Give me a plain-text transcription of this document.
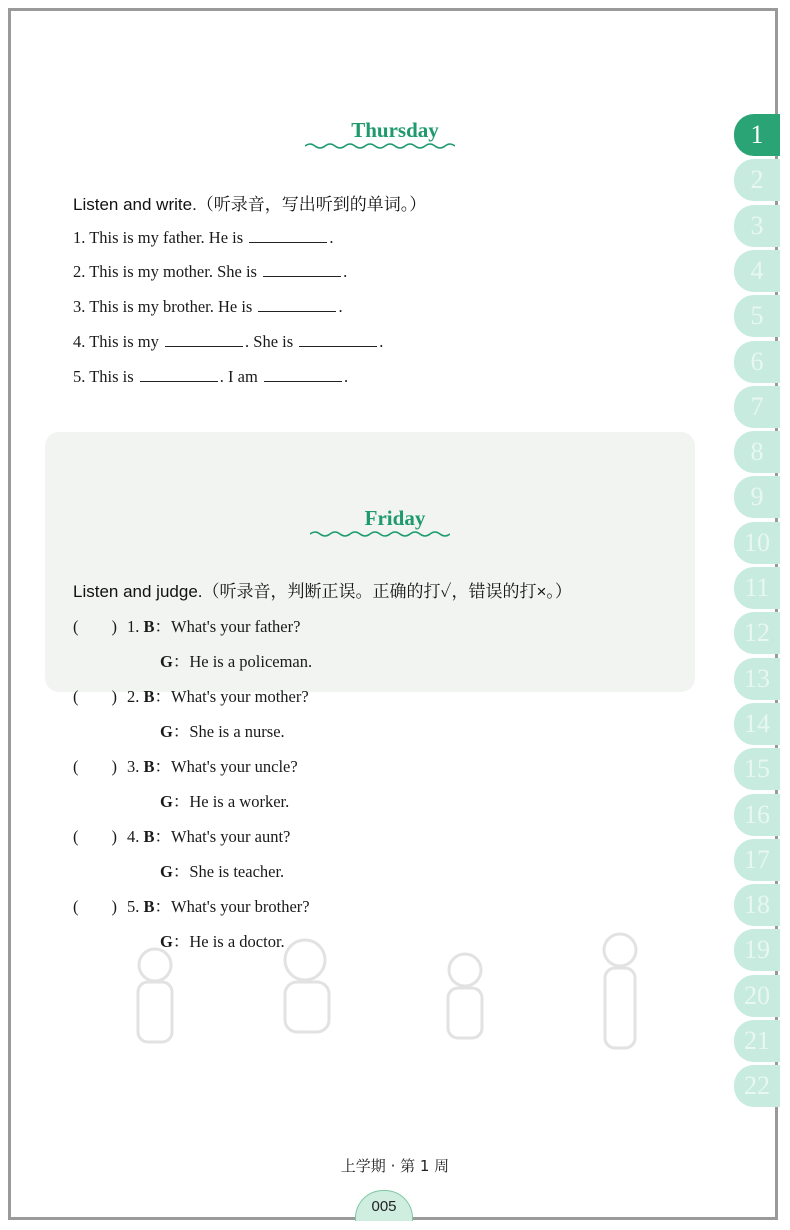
Thursday
Listen and write.（听录音，写出听到的单词。）
1. This is my father. He is	.
2. This is my mother. She is	.
3. This is my brother. He is	.
4. This is my	. She is	.
5. This is	. I am	.
Friday
Listen and judge.（听录音，判断正误。正确的打✓，错误的打×。）
(　　) 1. B：What's your father?
G：He is a policeman.
(　　) 2. B：What's your mother?
G：She is a nurse.
(　　) 3. B：What's your uncle?
G：He is a worker.
(　　) 4. B：What's your aunt?
G：She is teacher.
(　　) 5. B：What's your brother?
G：He is a doctor.
1
2
3
4
5
6
7
8
9
10
11
12
13
14
15
16
17
18
19
20
21
22
上学期 · 第 1 周
005
